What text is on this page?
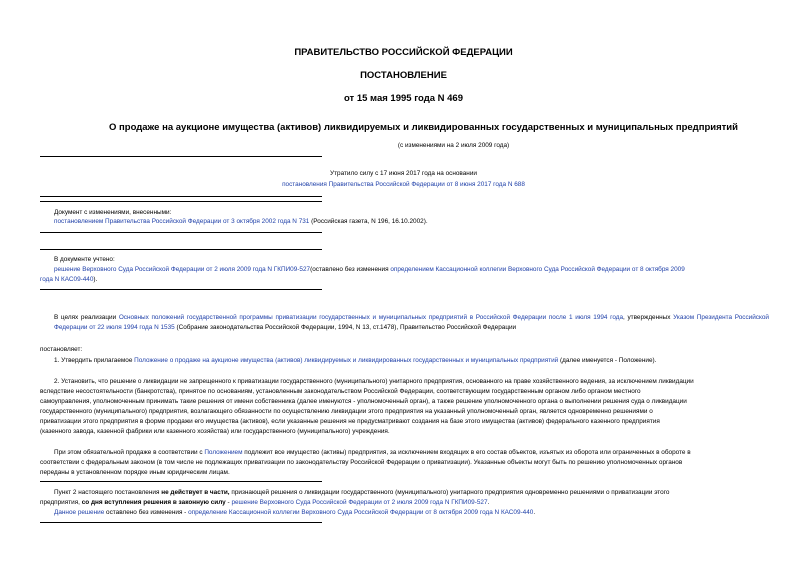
ПРАВИТЕЛЬСТВО РОССИЙСКОЙ ФЕДЕРАЦИИ
ПОСТАНОВЛЕНИЕ
от 15 мая 1995 года N 469
О продаже на аукционе имущества (активов) ликвидируемых и ликвидированных государственных и муниципальных предприятий
(с изменениями на 2 июля 2009 года)
Утратило силу с 17 июня 2017 года на основании
постановления Правительства Российской Федерации от 8 июня 2017 года N 688
Документ с изменениями, внесенными:
постановлением Правительства Российской Федерации от 3 октября 2002 года N 731 (Российская газета, N 196, 16.10.2002).
В документе учтено:
решение Верховного Суда Российской Федерации от 2 июля 2009 года N ГКПИ09-527(оставлено без изменения определением Кассационной коллегии Верховного Суда Российской Федерации от 8 октября 2009
года N КАС09-440).
В целях реализации Основных положений государственной программы приватизации государственных и муниципальных предприятий в Российской Федерации после 1 июля 1994 года, утвержденных Указом Президента Российской Федерации от 22 июля 1994 года N 1535 (Собрание законодательства Российской Федерации, 1994, N 13, ст.1478), Правительство Российской Федерации
постановляет:
1. Утвердить прилагаемое Положение о продаже на аукционе имущества (активов) ликвидируемых и ликвидированных государственных и муниципальных предприятий (далее именуется - Положение).
2. Установить, что решение о ликвидации не запрещенного к приватизации государственного (муниципального) унитарного предприятия, основанного на праве хозяйственного ведения, за исключением ликвидации
вследствие несостоятельности (банкротства), принятое по основаниям, установленным законодательством Российской Федерации, соответствующим государственным органом либо органом местного
самоуправления, уполномоченным принимать такие решения от имени собственника (далее именуются - уполномоченный орган), а также решение уполномоченного органа о выполнении решения суда о ликвидации
государственного (муниципального) предприятия, возлагающего обязанности по осуществлению ликвидации этого предприятия на указанный уполномоченный орган, является одновременно решениями о
приватизации этого предприятия в форме продажи его имущества (активов), если указанные решения не предусматривают создания на базе этого имущества (активов) федерального казенного предприятия
(казенного завода, казенной фабрики или казенного хозяйства) или государственного (муниципального) учреждения.
При этом обязательной продаже в соответствии с Положением подлежит все имущество (активы) предприятия, за исключением входящих в его состав объектов, изъятых из оборота или ограниченных в обороте в
соответствии с федеральным законом (в том числе не подлежащих приватизации по законодательству Российской Федерации о приватизации). Указанные объекты могут быть по решению уполномоченных органов
переданы в установленном порядке иным юридическим лицам.
Пункт 2 настоящего постановления не действует в части, признающей решения о ликвидации государственного (муниципального) унитарного предприятия одновременно решениями о приватизации этого
предприятия, со дня вступления решения в законную силу - решение Верховного Суда Российской Федерации от 2 июля 2009 года N ГКПИ09-527.
Данное решение оставлено без изменения - определение Кассационной коллегии Верховного Суда Российской Федерации от 8 октября 2009 года N КАС09-440.
